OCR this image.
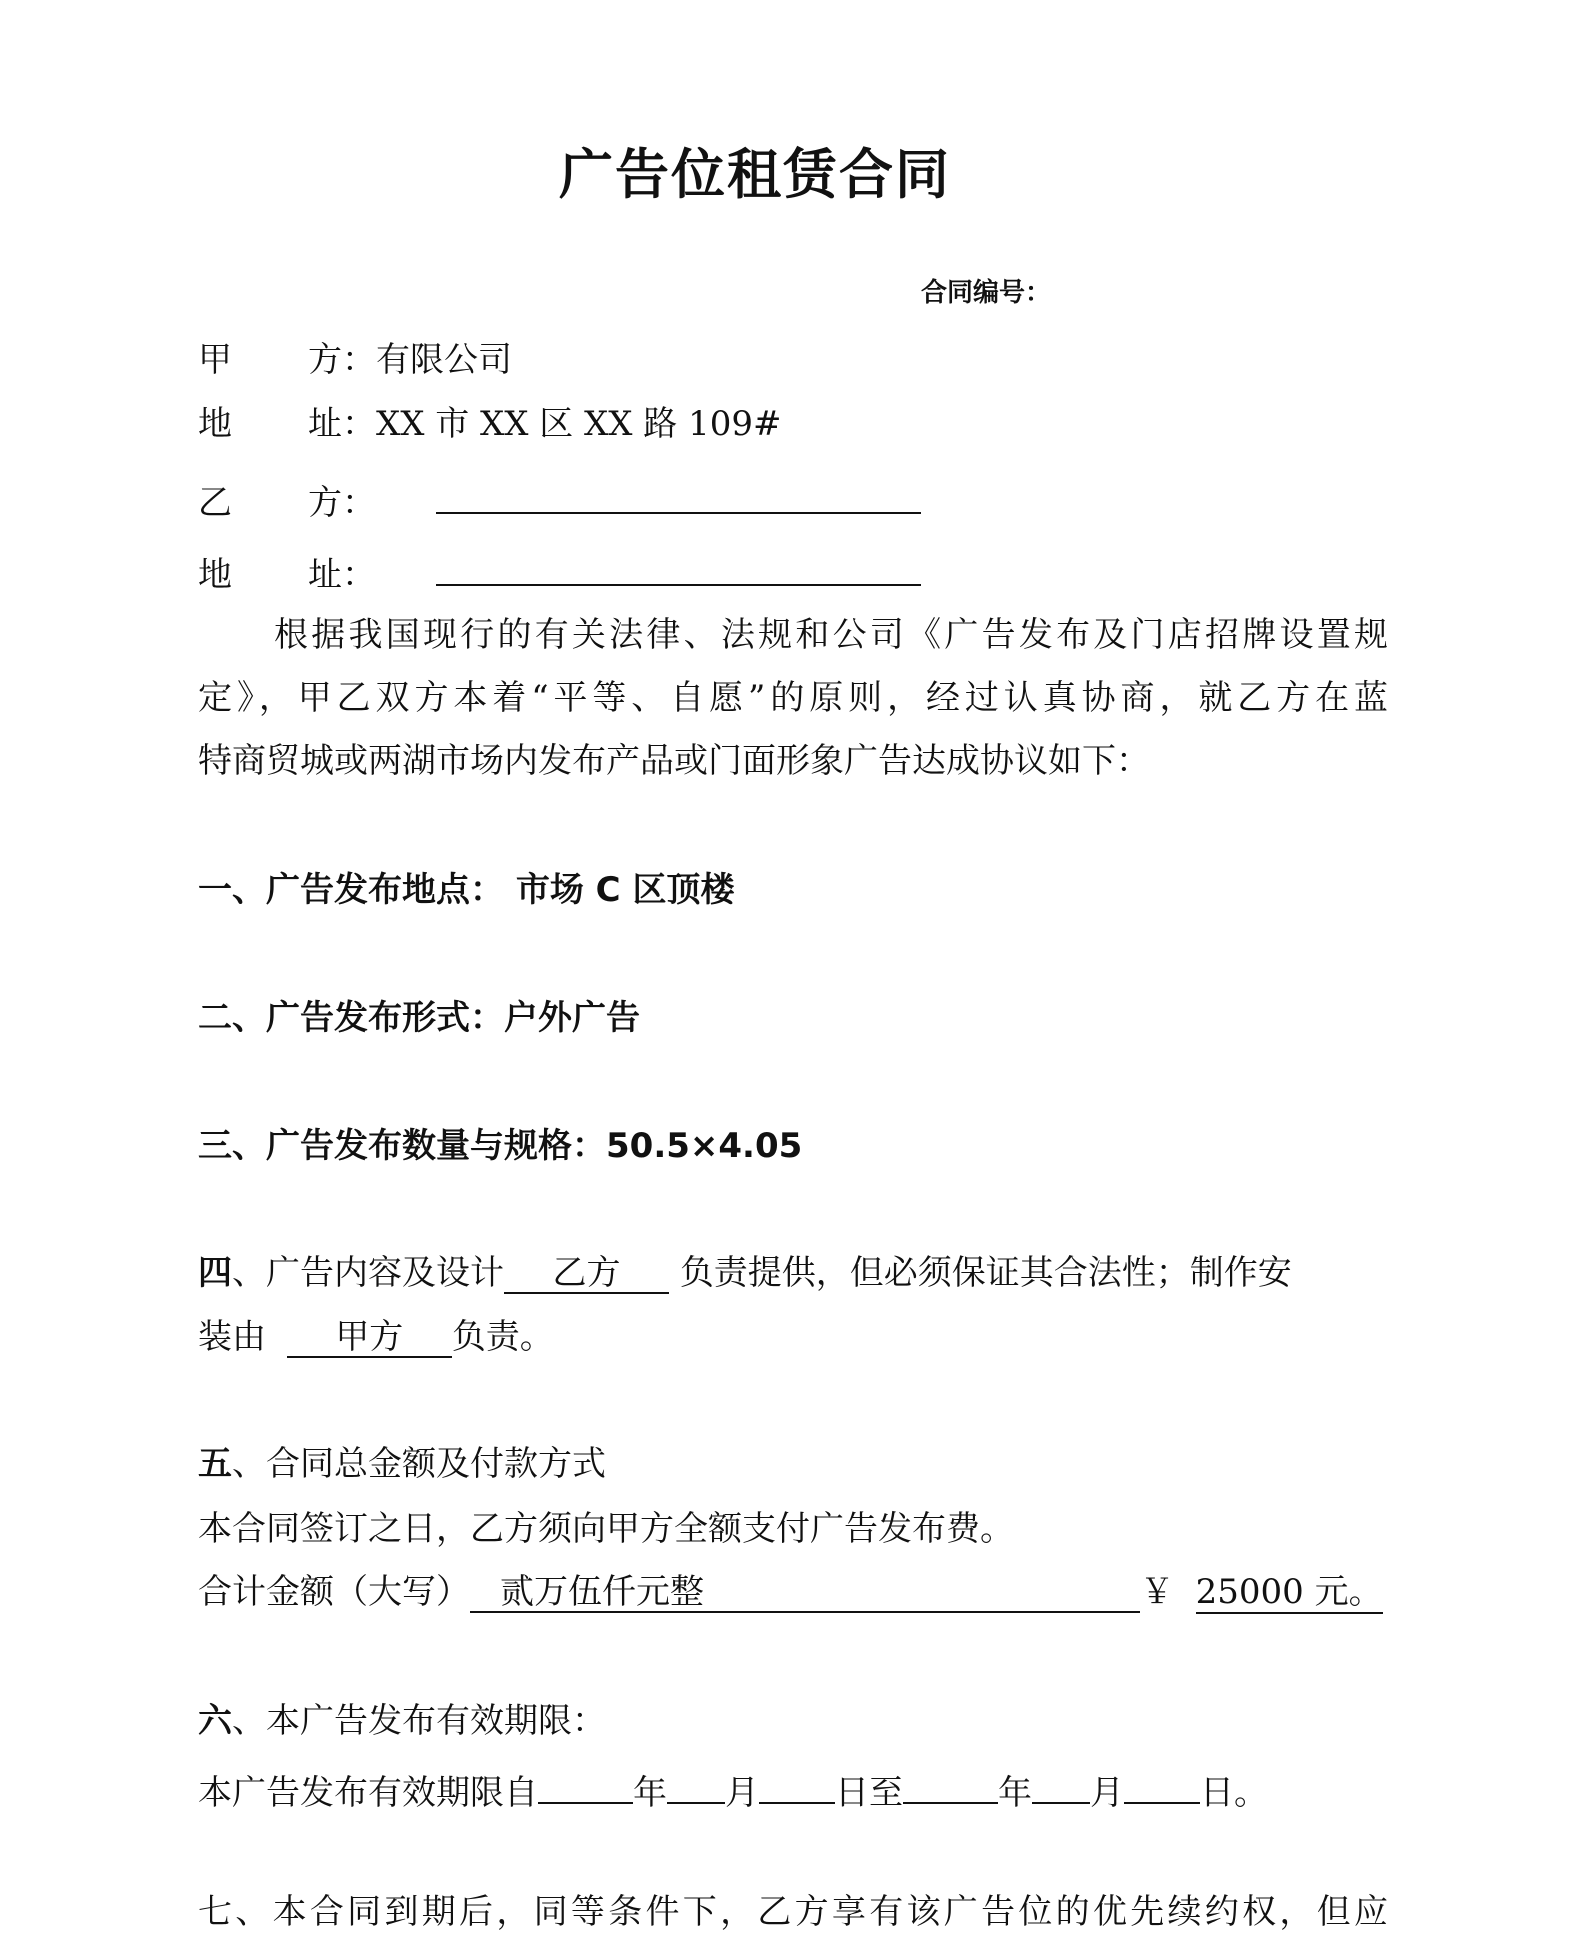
广告位租赁合同
合同编号：
甲 方：有限公司
地 址：XX 市 XX 区 XX 路 109#
乙 方：
地 址：
根据我国现行的有关法律、法规和公司《广告发布及门店招牌设置规
定》，甲乙双方本着“平等、自愿”的原则，经过认真协商，就乙方在蓝
特商贸城或两湖市场内发布产品或门面形象广告达成协议如下：
一、广告发布地点： 市场 C 区顶楼
二、广告发布形式：户外广告
三、广告发布数量与规格：50.5×4.05
四、广告内容及设计 乙方 负责提供，但必须保证其合法性；制作安
装由 甲方 负责。
五、合同总金额及付款方式
本合同签订之日，乙方须向甲方全额支付广告发布费。
合计金额（大写） 贰万伍仟元整	￥ 25000 元。
六、本广告发布有效期限：
本广告发布有效期限自	年 月 日至	年 月 日。
七、本合同到期后，同等条件下，乙方享有该广告位的优先续约权，但应
